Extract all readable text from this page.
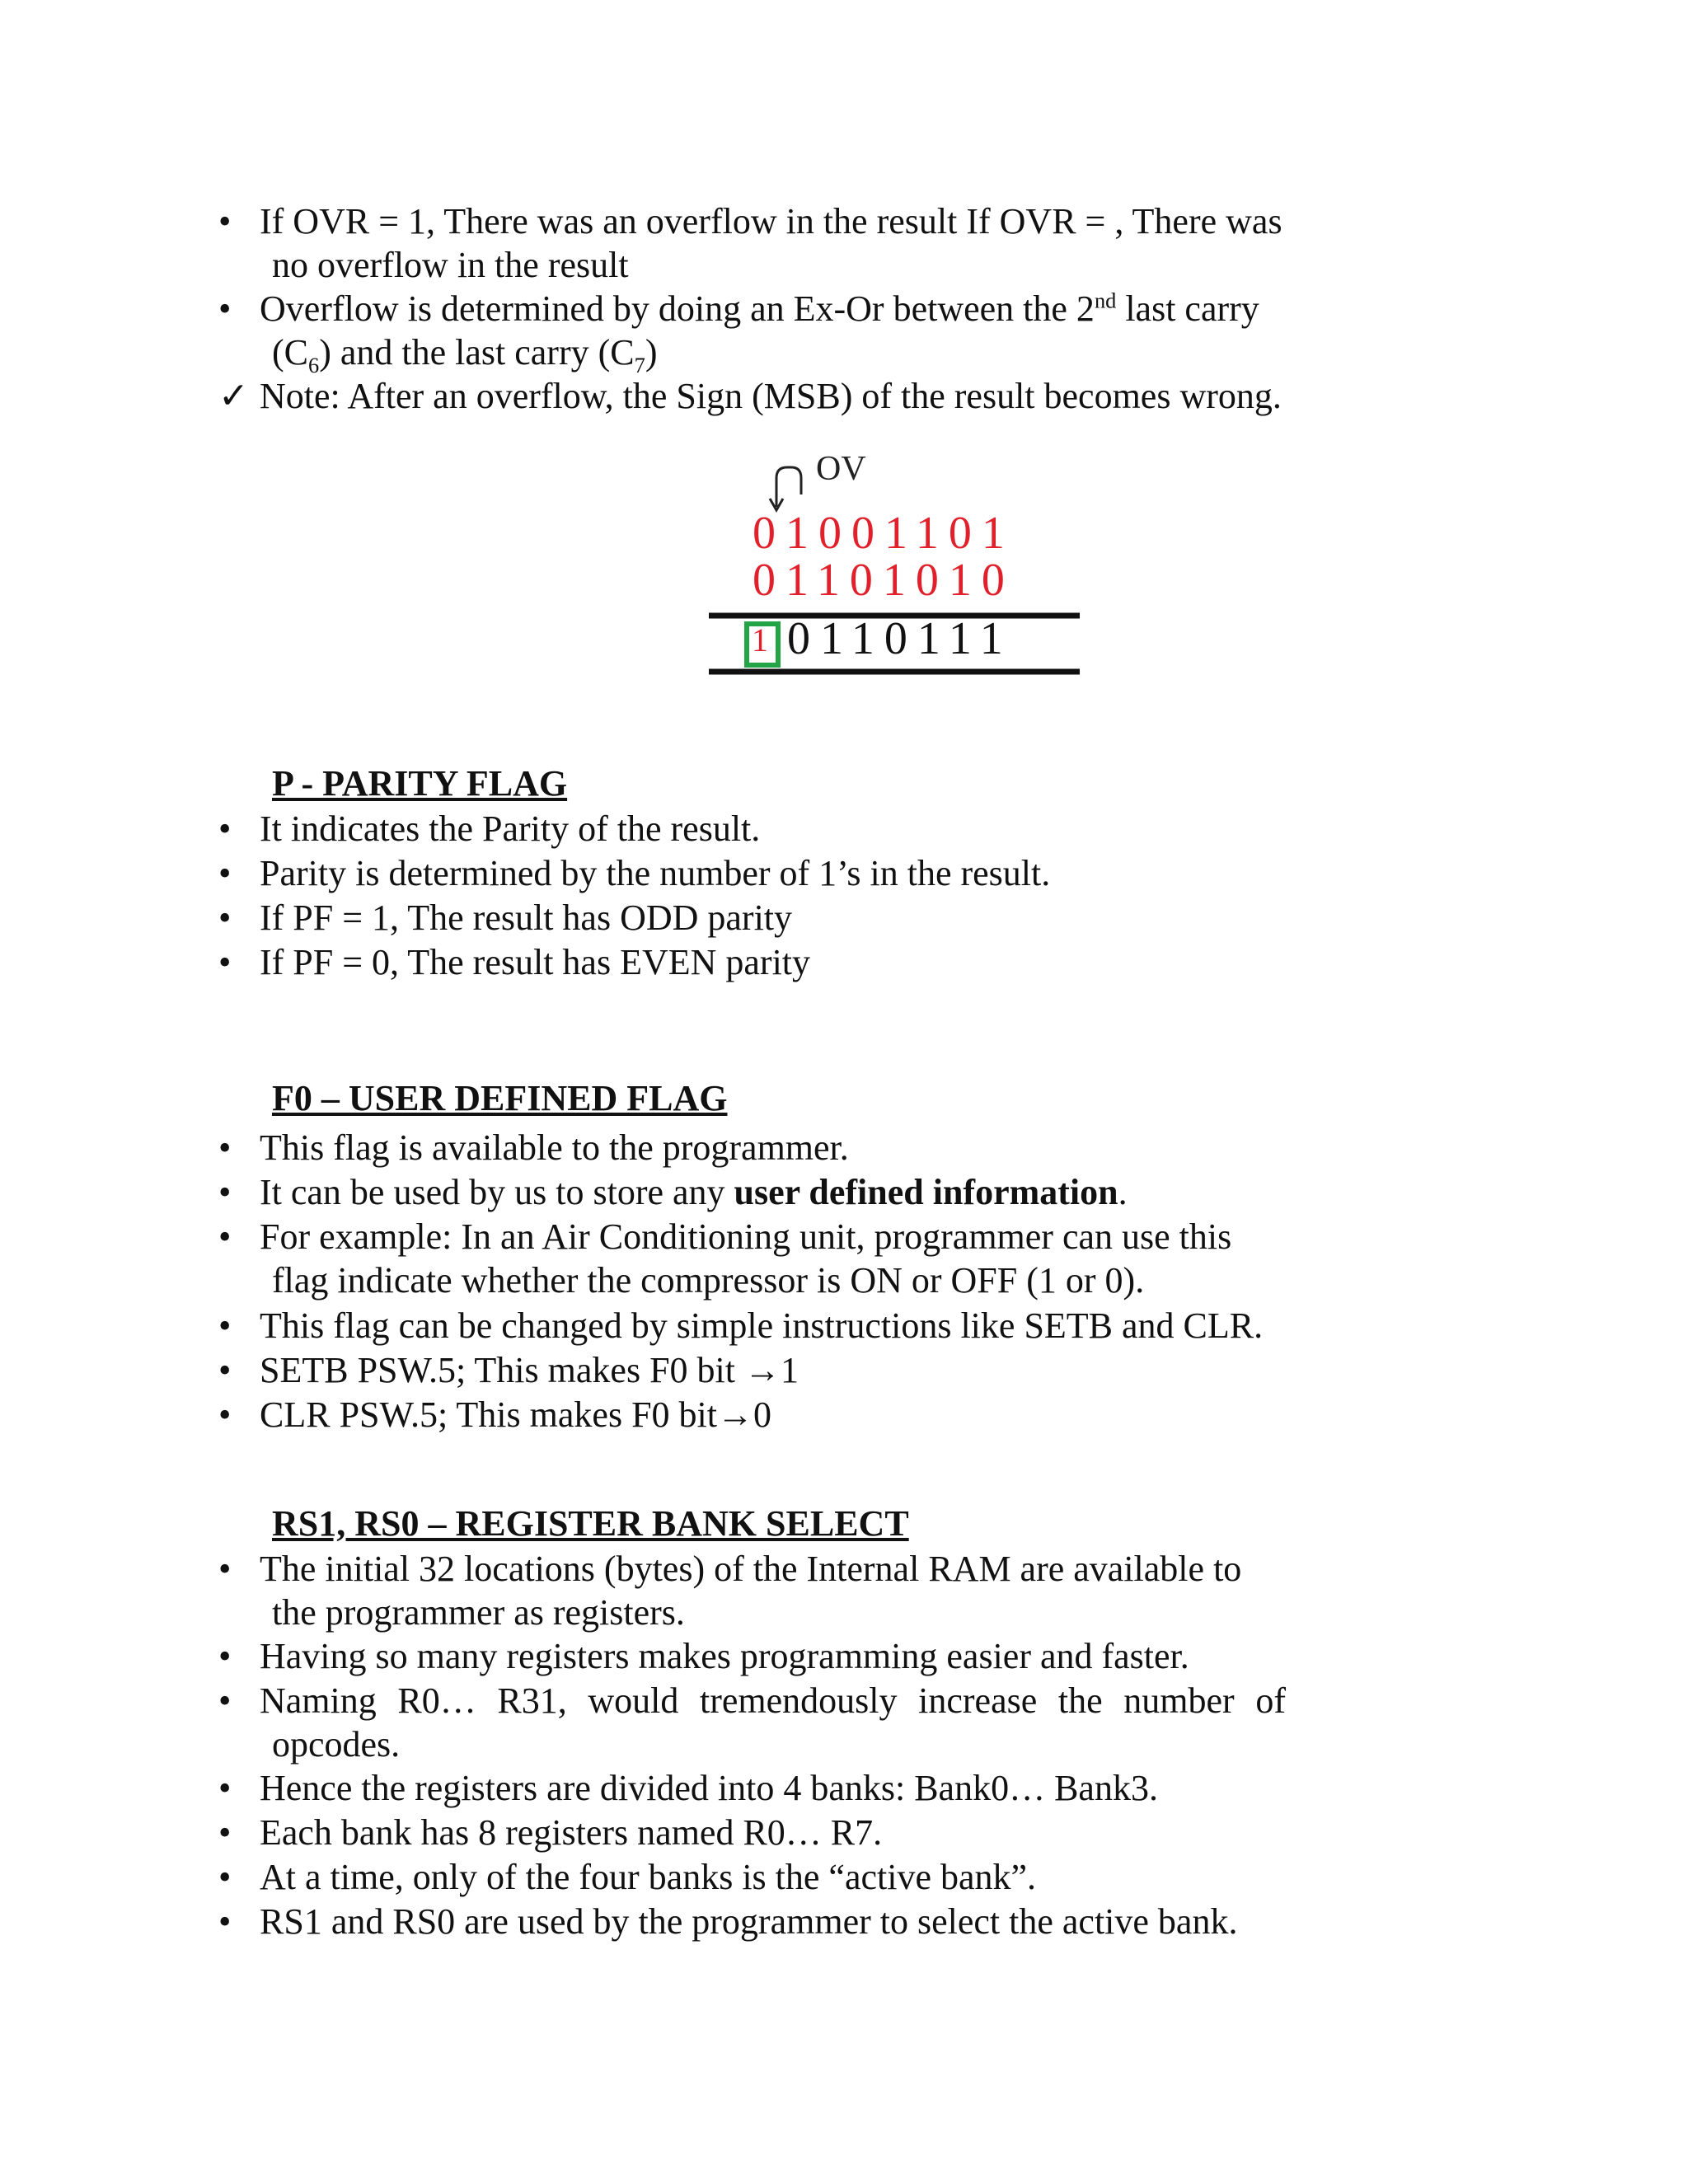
• If OVR = 1, There was an overflow in the result If OVR = , There was
no overflow in the result
• Overflow is determined by doing an Ex-Or between the 2nd last carry
$(C_6)$ and the last carry $(C_7)$
✓ Note: After an overflow, the Sign (MSB) of the result becomes wrong.
OV
01001101
01101010
1 0110111
P - PARITY FLAG
• It indicates the Parity of the result.
• Parity is determined by the number of 1’s in the result.
• If PF = 1, The result has ODD parity
• If PF = 0, The result has EVEN parity
F0 – USER DEFINED FLAG
• This flag is available to the programmer.
• It can be used by us to store any user defined information.
• For example: In an Air Conditioning unit, programmer can use this
flag indicate whether the compressor is ON or OFF (1 or 0).
• This flag can be changed by simple instructions like SETB and CLR.
• SETB PSW.5; This makes F0 bit →1
• CLR PSW.5; This makes F0 bit→0
RS1, RS0 – REGISTER BANK SELECT
• The initial 32 locations (bytes) of the Internal RAM are available to
the programmer as registers.
• Having so many registers makes programming easier and faster.
• Naming R0… R31, would tremendously increase the number of
opcodes.
• Hence the registers are divided into 4 banks: Bank0… Bank3.
• Each bank has 8 registers named R0… R7.
• At a time, only of the four banks is the “active bank”.
• RS1 and RS0 are used by the programmer to select the active bank.
